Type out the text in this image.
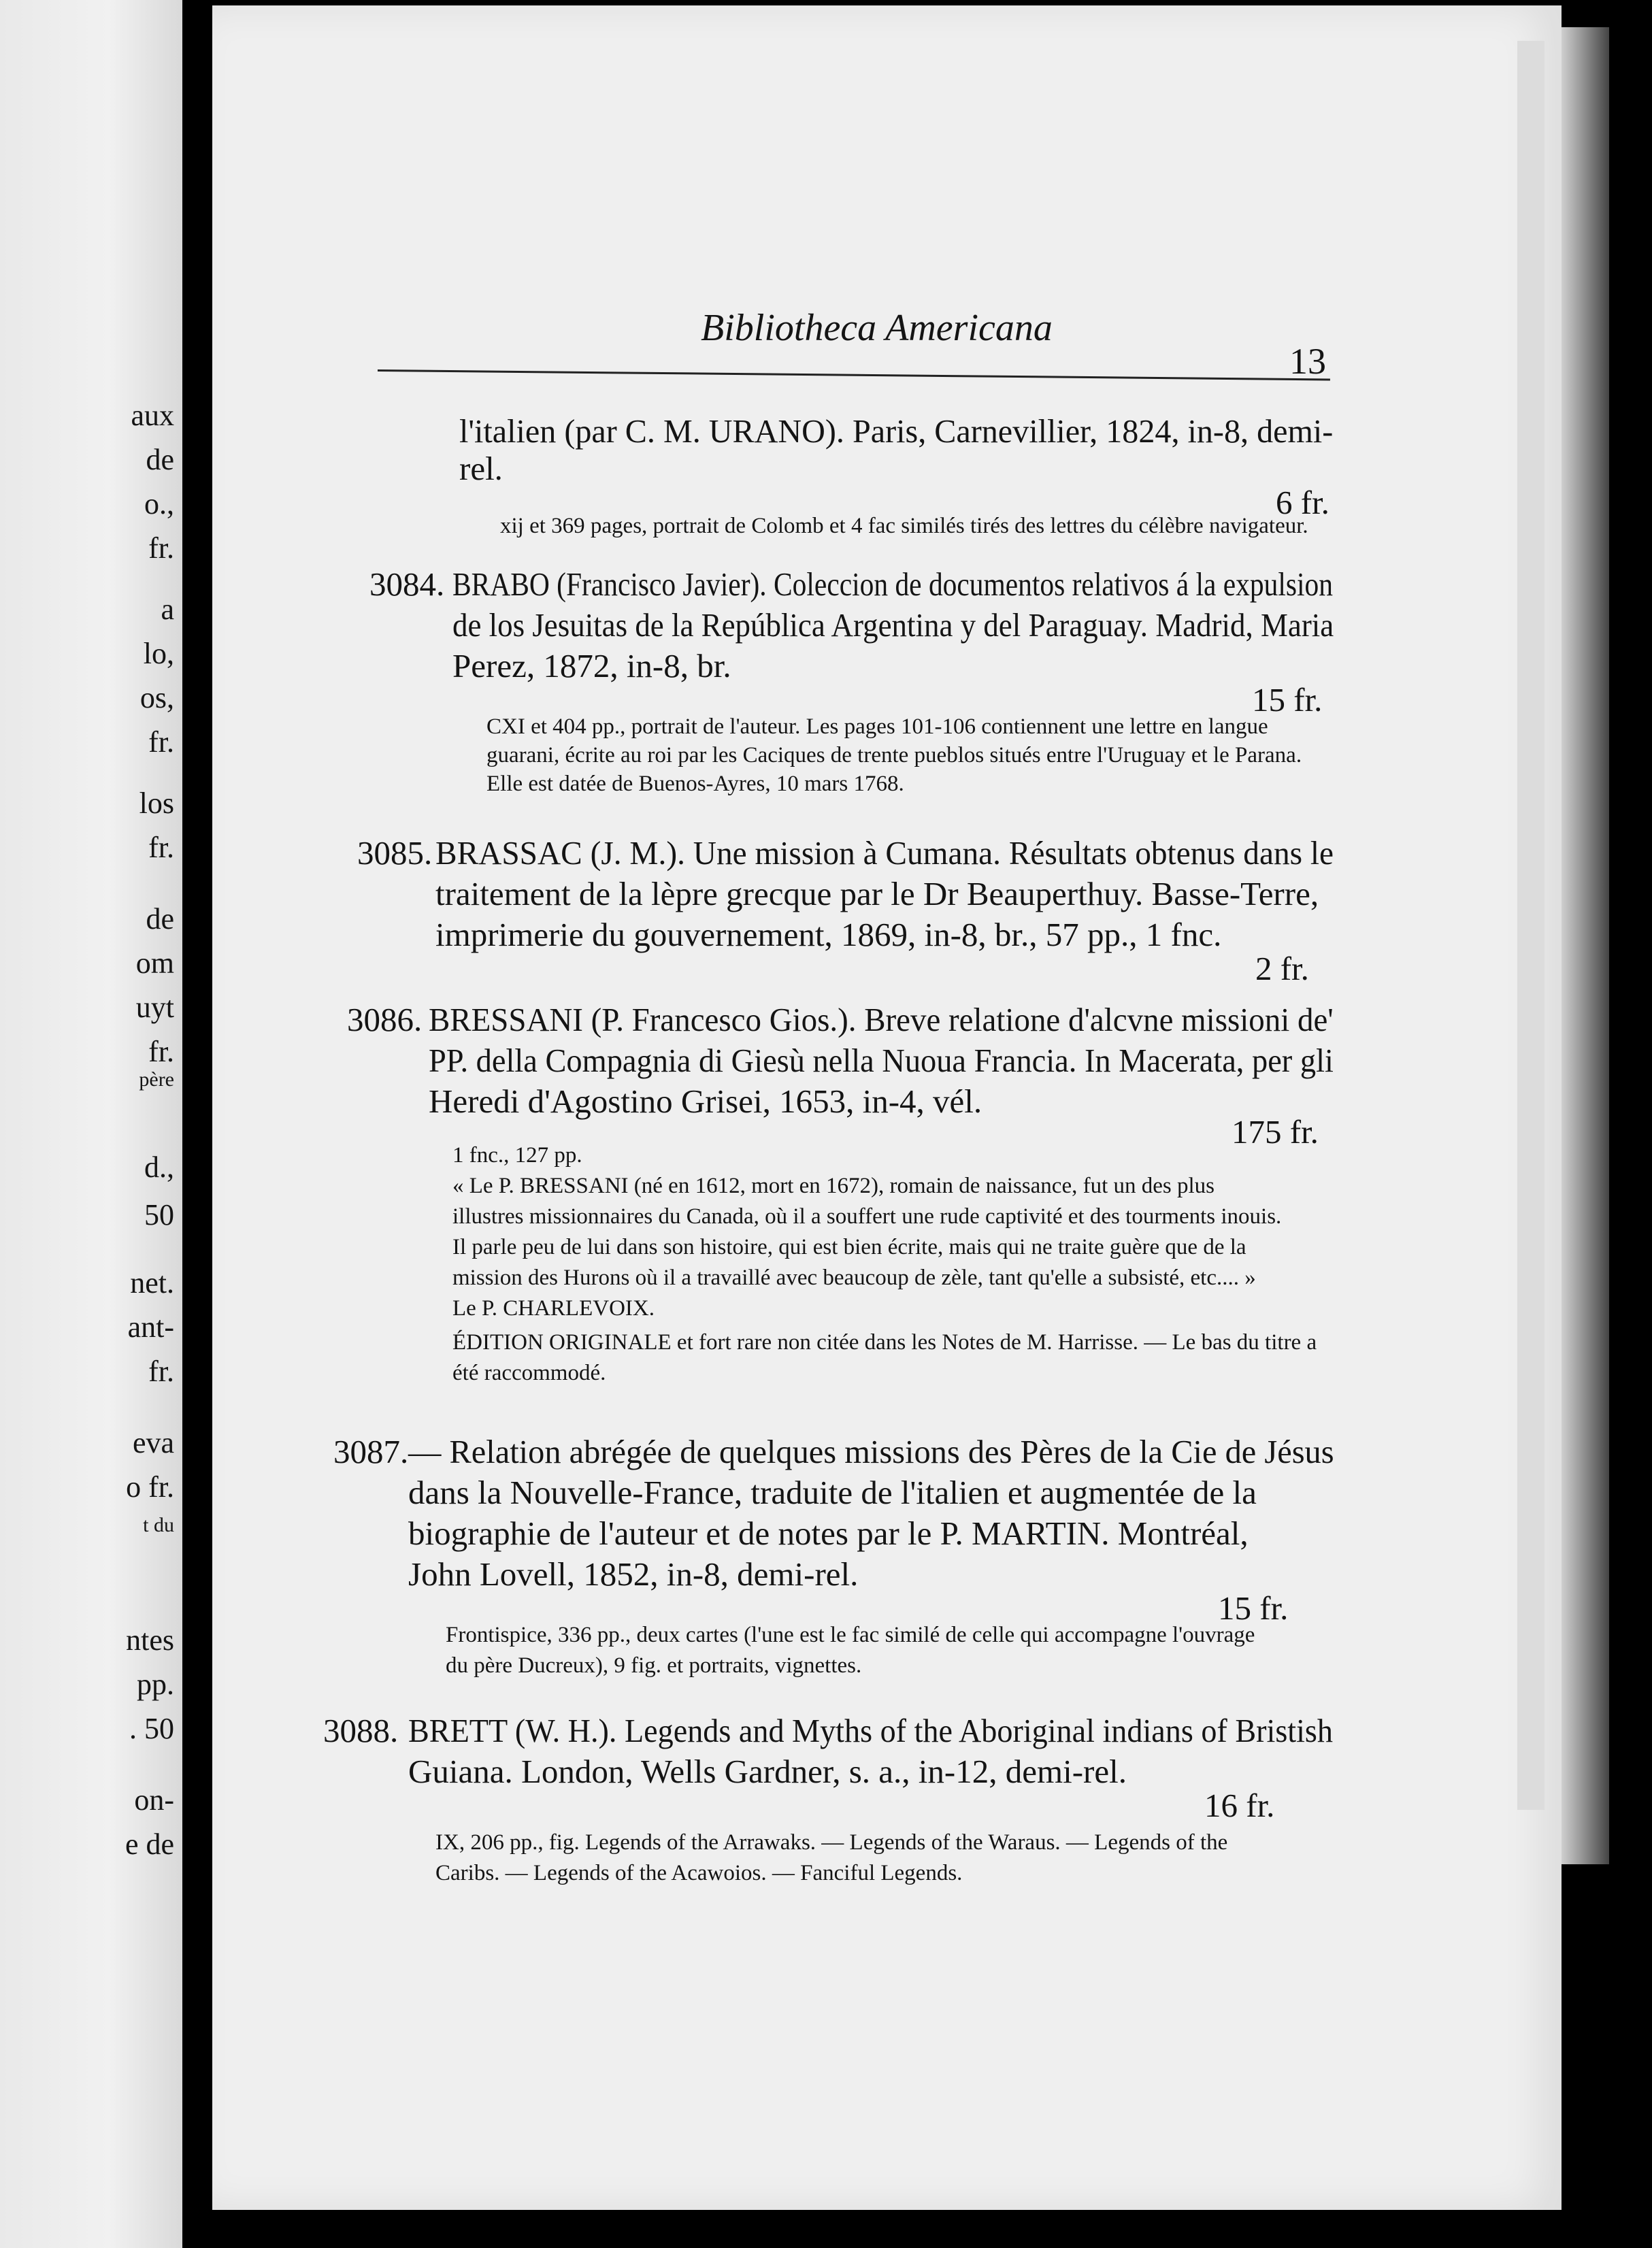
aux
de
o.,
fr.
a
lo,
os,
fr.
los
fr.
de
om
uyt
fr.
père
d.,
50
net.
ant-
fr.
eva
o fr.
t du
ntes
pp.
. 50
on-
e de
Bibliotheca Americana
13
l'italien (par C. M. URANO). Paris, Carnevillier, 1824, in-8, demi-
rel.
6 fr.
xij et 369 pages, portrait de Colomb et 4 fac similés tirés des lettres du célèbre navigateur.
3084. BRABO (Francisco Javier). Coleccion de documentos relativos á la expulsion
de los Jesuitas de la República Argentina y del Paraguay. Madrid, Maria
Perez, 1872, in-8, br.
15 fr.
CXI et 404 pp., portrait de l'auteur. Les pages 101-106 contiennent une lettre en langue
guarani, écrite au roi par les Caciques de trente pueblos situés entre l'Uruguay et le Parana.
Elle est datée de Buenos-Ayres, 10 mars 1768.
3085. BRASSAC (J. M.). Une mission à Cumana. Résultats obtenus dans le
traitement de la lèpre grecque par le Dr Beauperthuy. Basse-Terre,
imprimerie du gouvernement, 1869, in-8, br., 57 pp., 1 fnc.
2 fr.
3086. BRESSANI (P. Francesco Gios.). Breve relatione d'alcvne missioni de'
PP. della Compagnia di Giesù nella Nuoua Francia. In Macerata, per gli
Heredi d'Agostino Grisei, 1653, in-4, vél.
175 fr.
1 fnc., 127 pp.
« Le P. BRESSANI (né en 1612, mort en 1672), romain de naissance, fut un des plus
illustres missionnaires du Canada, où il a souffert une rude captivité et des tourments inouis.
Il parle peu de lui dans son histoire, qui est bien écrite, mais qui ne traite guère que de la
mission des Hurons où il a travaillé avec beaucoup de zèle, tant qu'elle a subsisté, etc.... »
Le P. CHARLEVOIX.
ÉDITION ORIGINALE et fort rare non citée dans les Notes de M. Harrisse. — Le bas du titre a
été raccommodé.
3087. — Relation abrégée de quelques missions des Pères de la Cie de Jésus
dans la Nouvelle-France, traduite de l'italien et augmentée de la
biographie de l'auteur et de notes par le P. MARTIN. Montréal,
John Lovell, 1852, in-8, demi-rel.
15 fr.
Frontispice, 336 pp., deux cartes (l'une est le fac similé de celle qui accompagne l'ouvrage
du père Ducreux), 9 fig. et portraits, vignettes.
3088. BRETT (W. H.). Legends and Myths of the Aboriginal indians of Bristish
Guiana. London, Wells Gardner, s. a., in-12, demi-rel.
16 fr.
IX, 206 pp., fig. Legends of the Arrawaks. — Legends of the Waraus. — Legends of the
Caribs. — Legends of the Acawoios. — Fanciful Legends.
